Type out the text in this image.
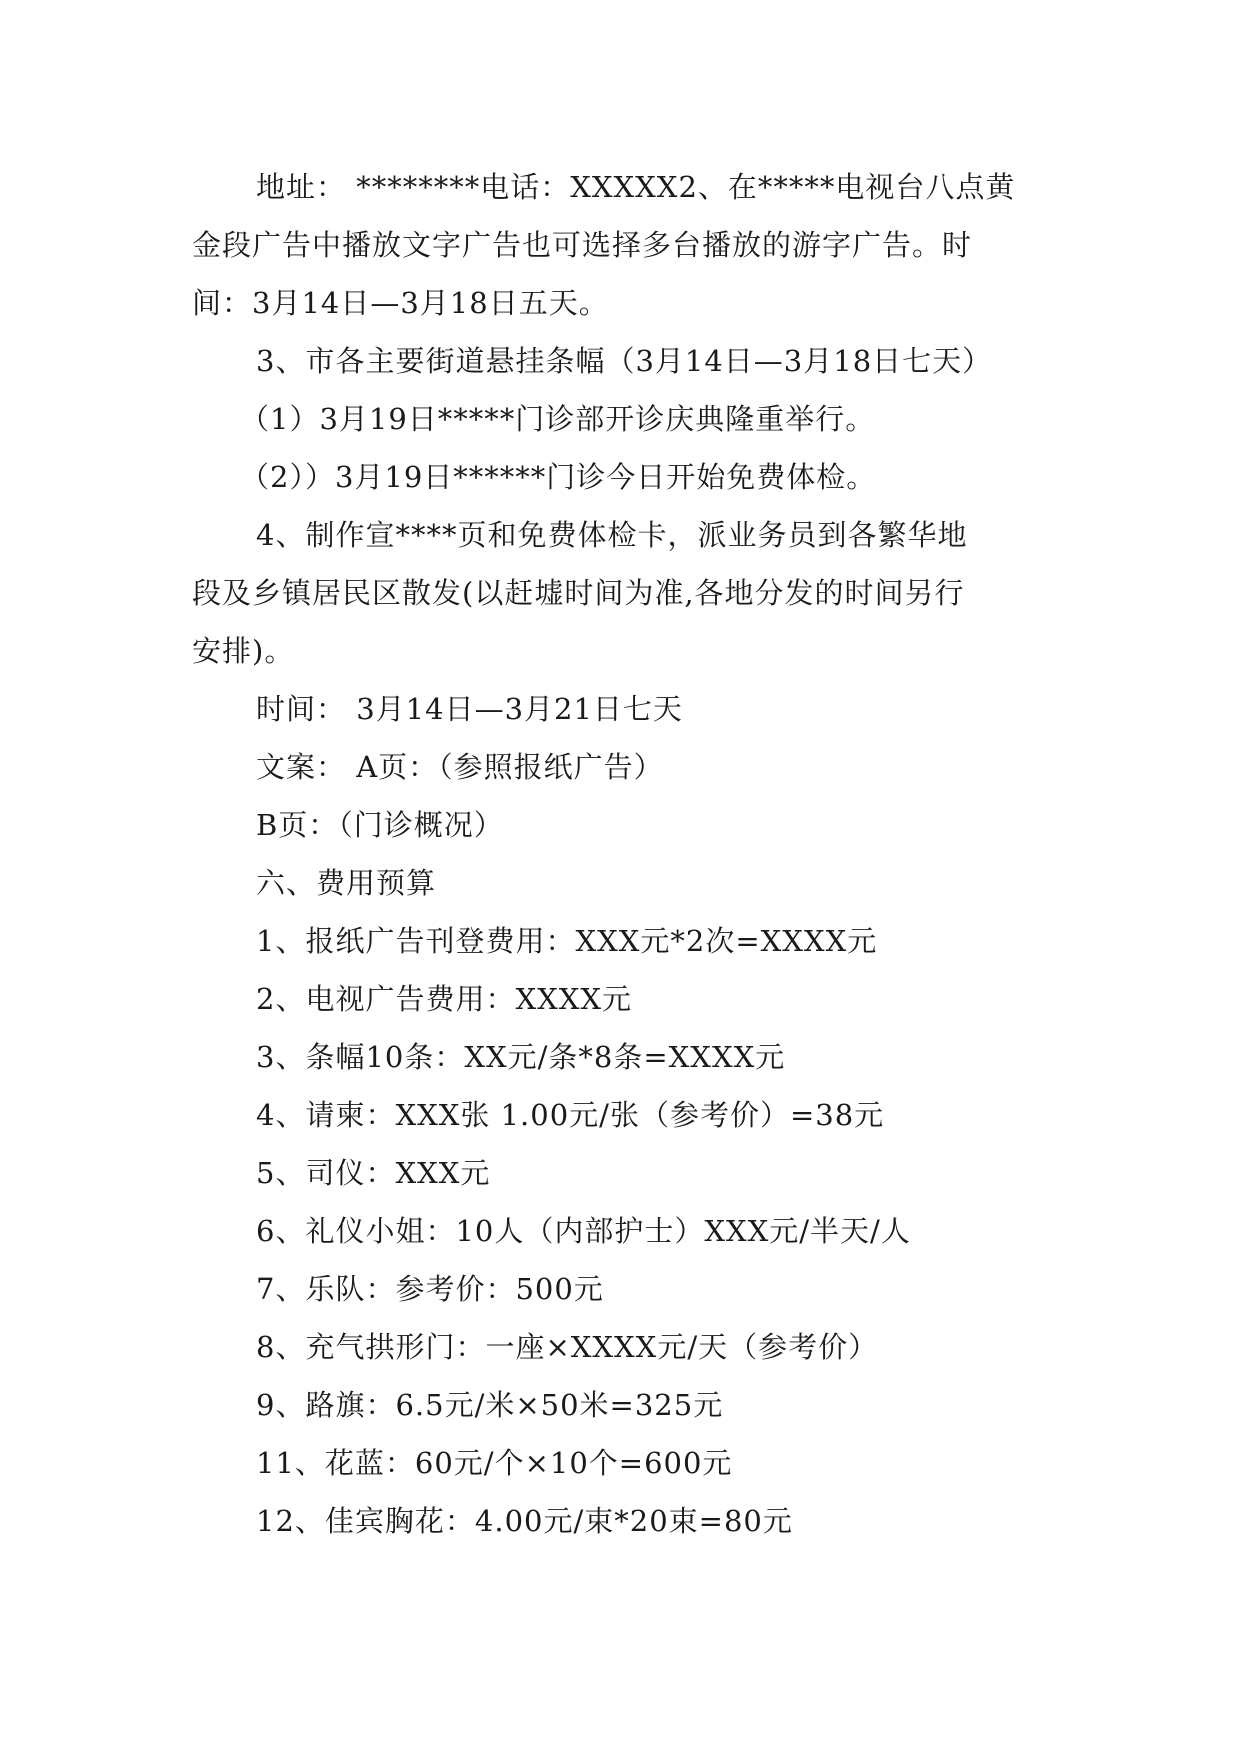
地址： ********电话：XXXXX2、在*****电视台八点黄

金段广告中播放文字广告也可选择多台播放的游字广告。时

间：3月14日—3月18日五天。

3、市各主要街道悬挂条幅（3月14日—3月18日七天）

（1）3月19日*****门诊部开诊庆典隆重举行。

（2））3月19日******门诊今日开始免费体检。

4、制作宣****页和免费体检卡，派业务员到各繁华地

段及乡镇居民区散发(以赶墟时间为准,各地分发的时间另行

安排)。

时间： 3月14日—3月21日七天

文案： A页：（参照报纸广告）

B页：（门诊概况）

六、费用预算

1、报纸广告刊登费用：XXX元*2次=XXXX元

2、电视广告费用：XXXX元

3、条幅10条：XX元/条*8条=XXXX元

4、请柬：XXX张 1.00元/张（参考价）=38元

5、司仪：XXX元

6、礼仪小姐：10人（内部护士）XXX元/半天/人

7、乐队：参考价：500元

8、充气拱形门：一座×XXXX元/天（参考价）

9、路旗：6.5元/米×50米=325元

11、花蓝：60元/个×10个=600元

12、佳宾胸花：4.00元/束*20束=80元
